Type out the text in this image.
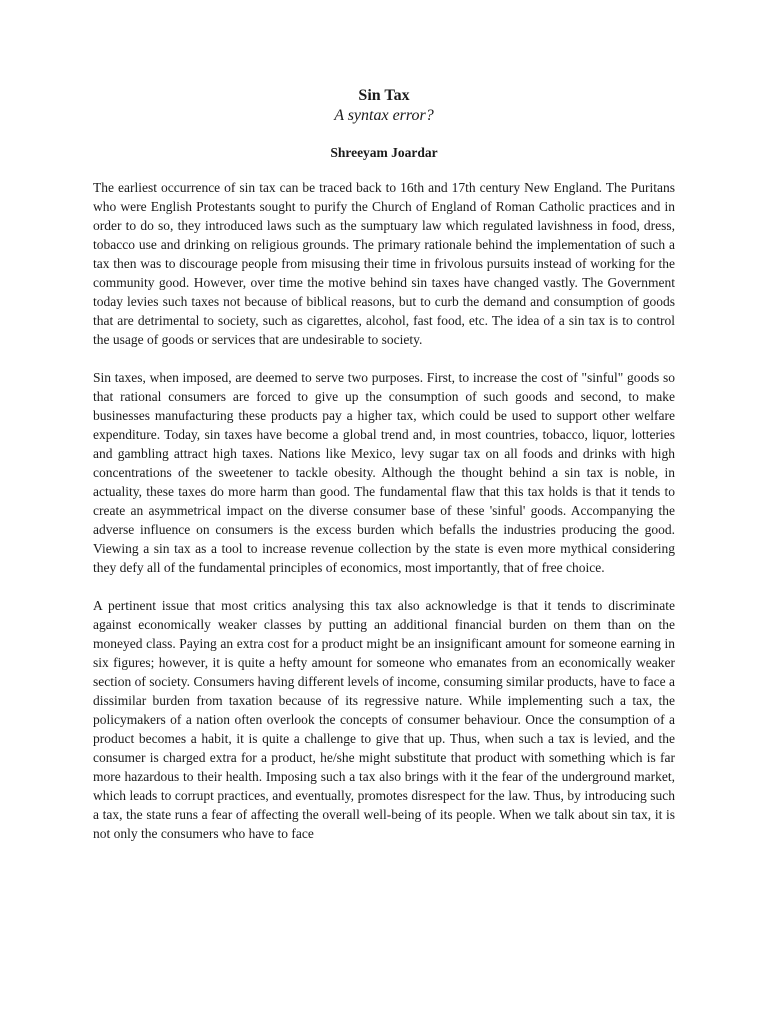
Sin Tax

A syntax error?

Shreeyam Joardar

The earliest occurrence of sin tax can be traced back to 16th and 17th century New England. The Puritans who were English Protestants sought to purify the Church of England of Roman Catholic practices and in order to do so, they introduced laws such as the sumptuary law which regulated lavishness in food, dress, tobacco use and drinking on religious grounds. The primary rationale behind the implementation of such a tax then was to discourage people from misusing their time in frivolous pursuits instead of working for the community good. However, over time the motive behind sin taxes have changed vastly. The Government today levies such taxes not because of biblical reasons, but to curb the demand and consumption of goods that are detrimental to society, such as cigarettes, alcohol, fast food, etc. The idea of a sin tax is to control the usage of goods or services that are undesirable to society.

Sin taxes, when imposed, are deemed to serve two purposes. First, to increase the cost of "sinful" goods so that rational consumers are forced to give up the consumption of such goods and second, to make businesses manufacturing these products pay a higher tax, which could be used to support other welfare expenditure. Today, sin taxes have become a global trend and, in most countries, tobacco, liquor, lotteries and gambling attract high taxes. Nations like Mexico, levy sugar tax on all foods and drinks with high concentrations of the sweetener to tackle obesity. Although the thought behind a sin tax is noble, in actuality, these taxes do more harm than good. The fundamental flaw that this tax holds is that it tends to create an asymmetrical impact on the diverse consumer base of these 'sinful' goods. Accompanying the adverse influence on consumers is the excess burden which befalls the industries producing the good. Viewing a sin tax as a tool to increase revenue collection by the state is even more mythical considering they defy all of the fundamental principles of economics, most importantly, that of free choice.

A pertinent issue that most critics analysing this tax also acknowledge is that it tends to discriminate against economically weaker classes by putting an additional financial burden on them than on the moneyed class. Paying an extra cost for a product might be an insignificant amount for someone earning in six figures; however, it is quite a hefty amount for someone who emanates from an economically weaker section of society. Consumers having different levels of income, consuming similar products, have to face a dissimilar burden from taxation because of its regressive nature. While implementing such a tax, the policymakers of a nation often overlook the concepts of consumer behaviour. Once the consumption of a product becomes a habit, it is quite a challenge to give that up. Thus, when such a tax is levied, and the consumer is charged extra for a product, he/she might substitute that product with something which is far more hazardous to their health. Imposing such a tax also brings with it the fear of the underground market, which leads to corrupt practices, and eventually, promotes disrespect for the law. Thus, by introducing such a tax, the state runs a fear of affecting the overall well-being of its people. When we talk about sin tax, it is not only the consumers who have to face
